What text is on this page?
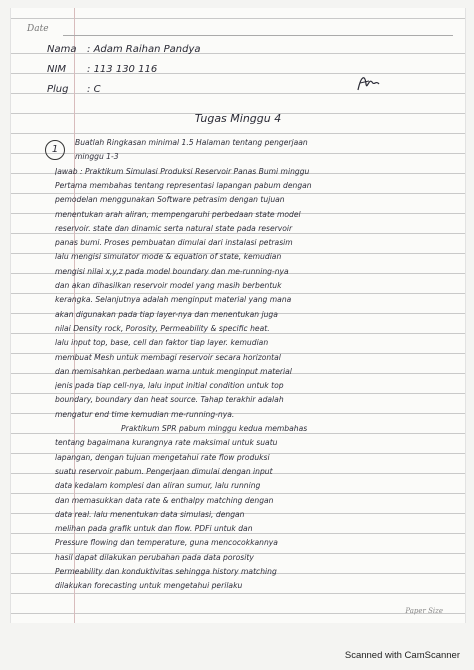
Date
Nama : Adam Raihan Pandya
NIM : 113 130 116
Plug : C
Tugas Minggu 4
1
Buatlah Ringkasan minimal 1.5 Halaman tentang pengerjaan
minggu 1-3
Jawab : Praktikum Simulasi Produksi Reservoir Panas Bumi minggu
Pertama membahas tentang representasi lapangan pabum dengan
pemodelan menggunakan Software petrasim dengan tujuan
menentukan arah aliran, mempengaruhi perbedaan state model
reservoir. state dan dinamic serta natural state pada reservoir
panas bumi. Proses pembuatan dimulai dari instalasi petrasim
lalu mengisi simulator mode & equation of state, kemudian
mengisi nilai x,y,z pada model boundary dan me-running-nya
dan akan dihasilkan reservoir model yang masih berbentuk
kerangka. Selanjutnya adalah menginput material yang mana
akan digunakan pada tiap layer-nya dan menentukan juga
nilai Density rock, Porosity, Permeability & specific heat.
lalu input top, base, cell dan faktor tiap layer. kemudian
membuat Mesh untuk membagi reservoir secara horizontal
dan memisahkan perbedaan warna untuk menginput material
jenis pada tiap cell-nya, lalu input initial condition untuk top
boundary, boundary dan heat source. Tahap terakhir adalah
mengatur end time kemudian me-running-nya.
Praktikum SPR pabum minggu kedua membahas
tentang bagaimana kurangnya rate maksimal untuk suatu
lapangan, dengan tujuan mengetahui rate flow produksi
suatu reservoir pabum. Pengerjaan dimulai dengan input
data kedalam komplesi dan aliran sumur, lalu running
dan memasukkan data rate & enthalpy matching dengan
data real. lalu menentukan data simulasi, dengan
melihan pada grafik untuk dan flow. PDFi untuk dan
Pressure flowing dan temperature, guna mencocokkannya
hasil dapat dilakukan perubahan pada data porosity
Permeability dan konduktivitas sehingga history matching
dilakukan forecasting untuk mengetahui perilaku
Paper Size
Scanned with CamScanner
